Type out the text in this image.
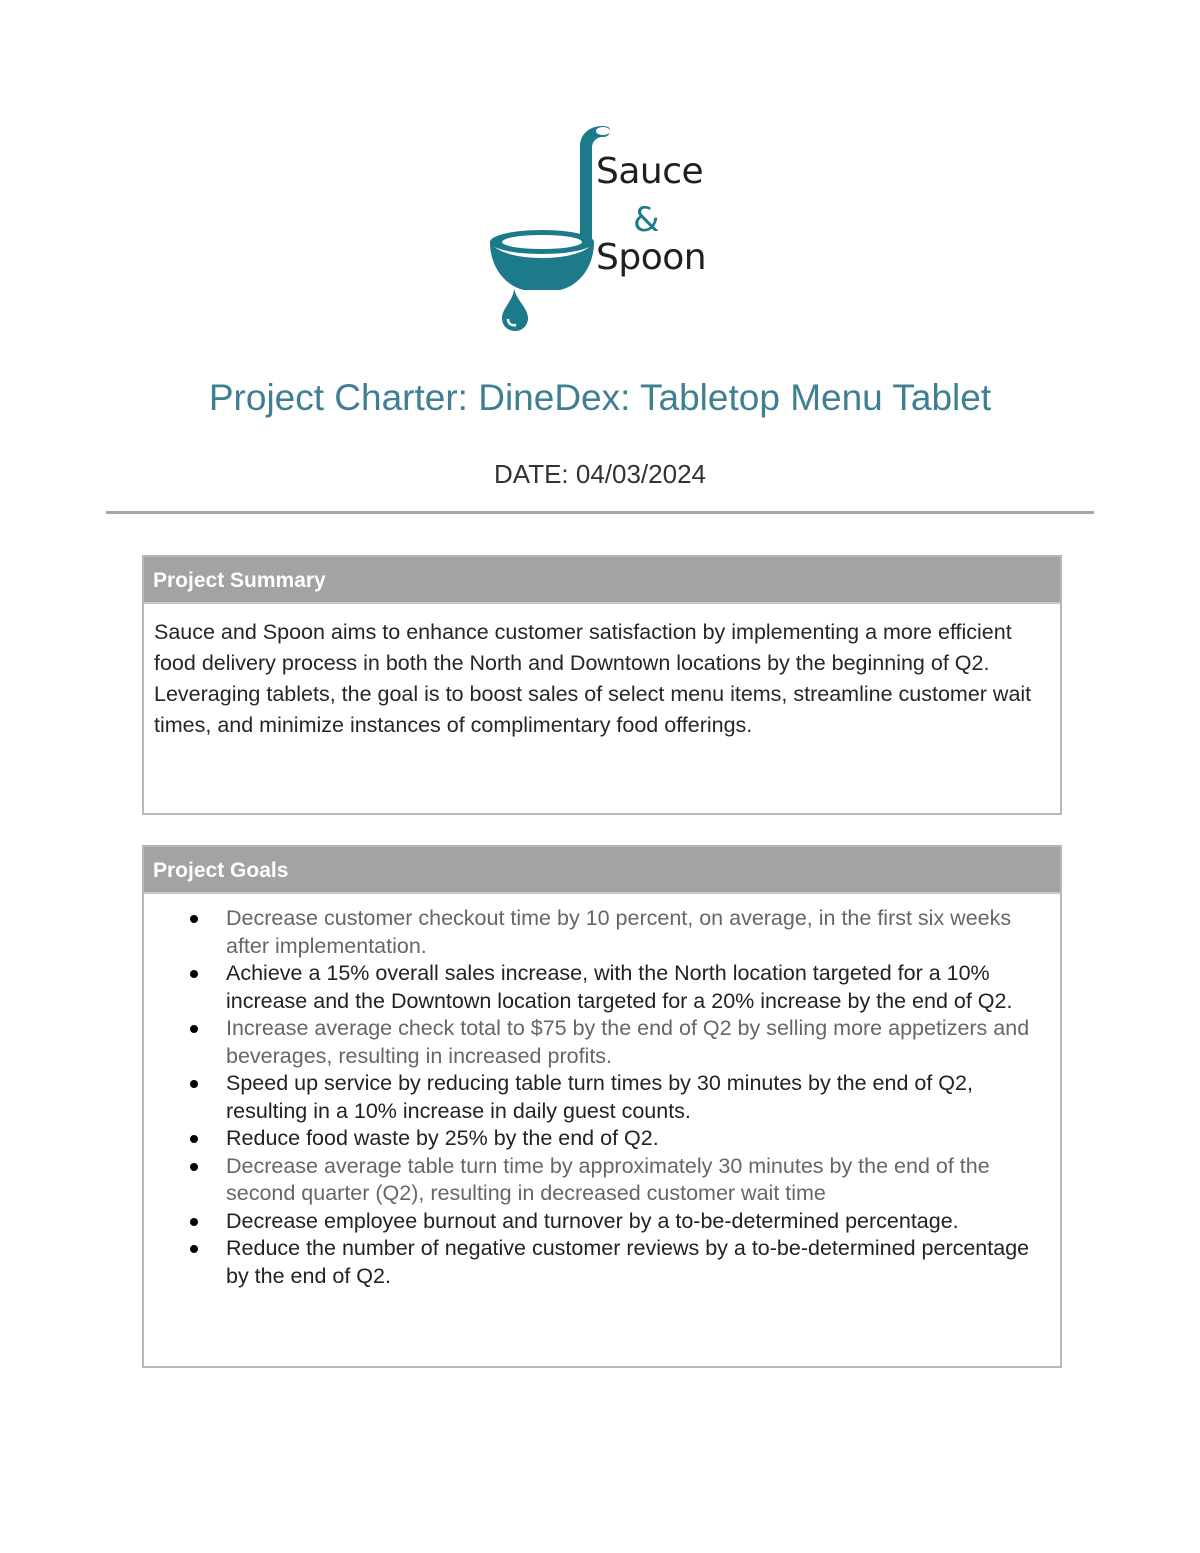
Sauce
&
Spoon
Project Charter: DineDex: Tabletop Menu Tablet
DATE: 04/03/2024
Project Summary
Sauce and Spoon aims to enhance customer satisfaction by implementing a more efficient food delivery process in both the North and Downtown locations by the beginning of Q2. Leveraging tablets, the goal is to boost sales of select menu items, streamline customer wait times, and minimize instances of complimentary food offerings.
Project Goals
Decrease customer checkout time by 10 percent, on average, in the first six weeks after implementation.
Achieve a 15% overall sales increase, with the North location targeted for a 10% increase and the Downtown location targeted for a 20% increase by the end of Q2.
Increase average check total to $75 by the end of Q2 by selling more appetizers and beverages, resulting in increased profits.
Speed up service by reducing table turn times by 30 minutes by the end of Q2, resulting in a 10% increase in daily guest counts.
Reduce food waste by 25% by the end of Q2.
Decrease average table turn time by approximately 30 minutes by the end of the second quarter (Q2), resulting in decreased customer wait time
Decrease employee burnout and turnover by a to-be-determined percentage.
Reduce the number of negative customer reviews by a to-be-determined percentage by the end of Q2.
